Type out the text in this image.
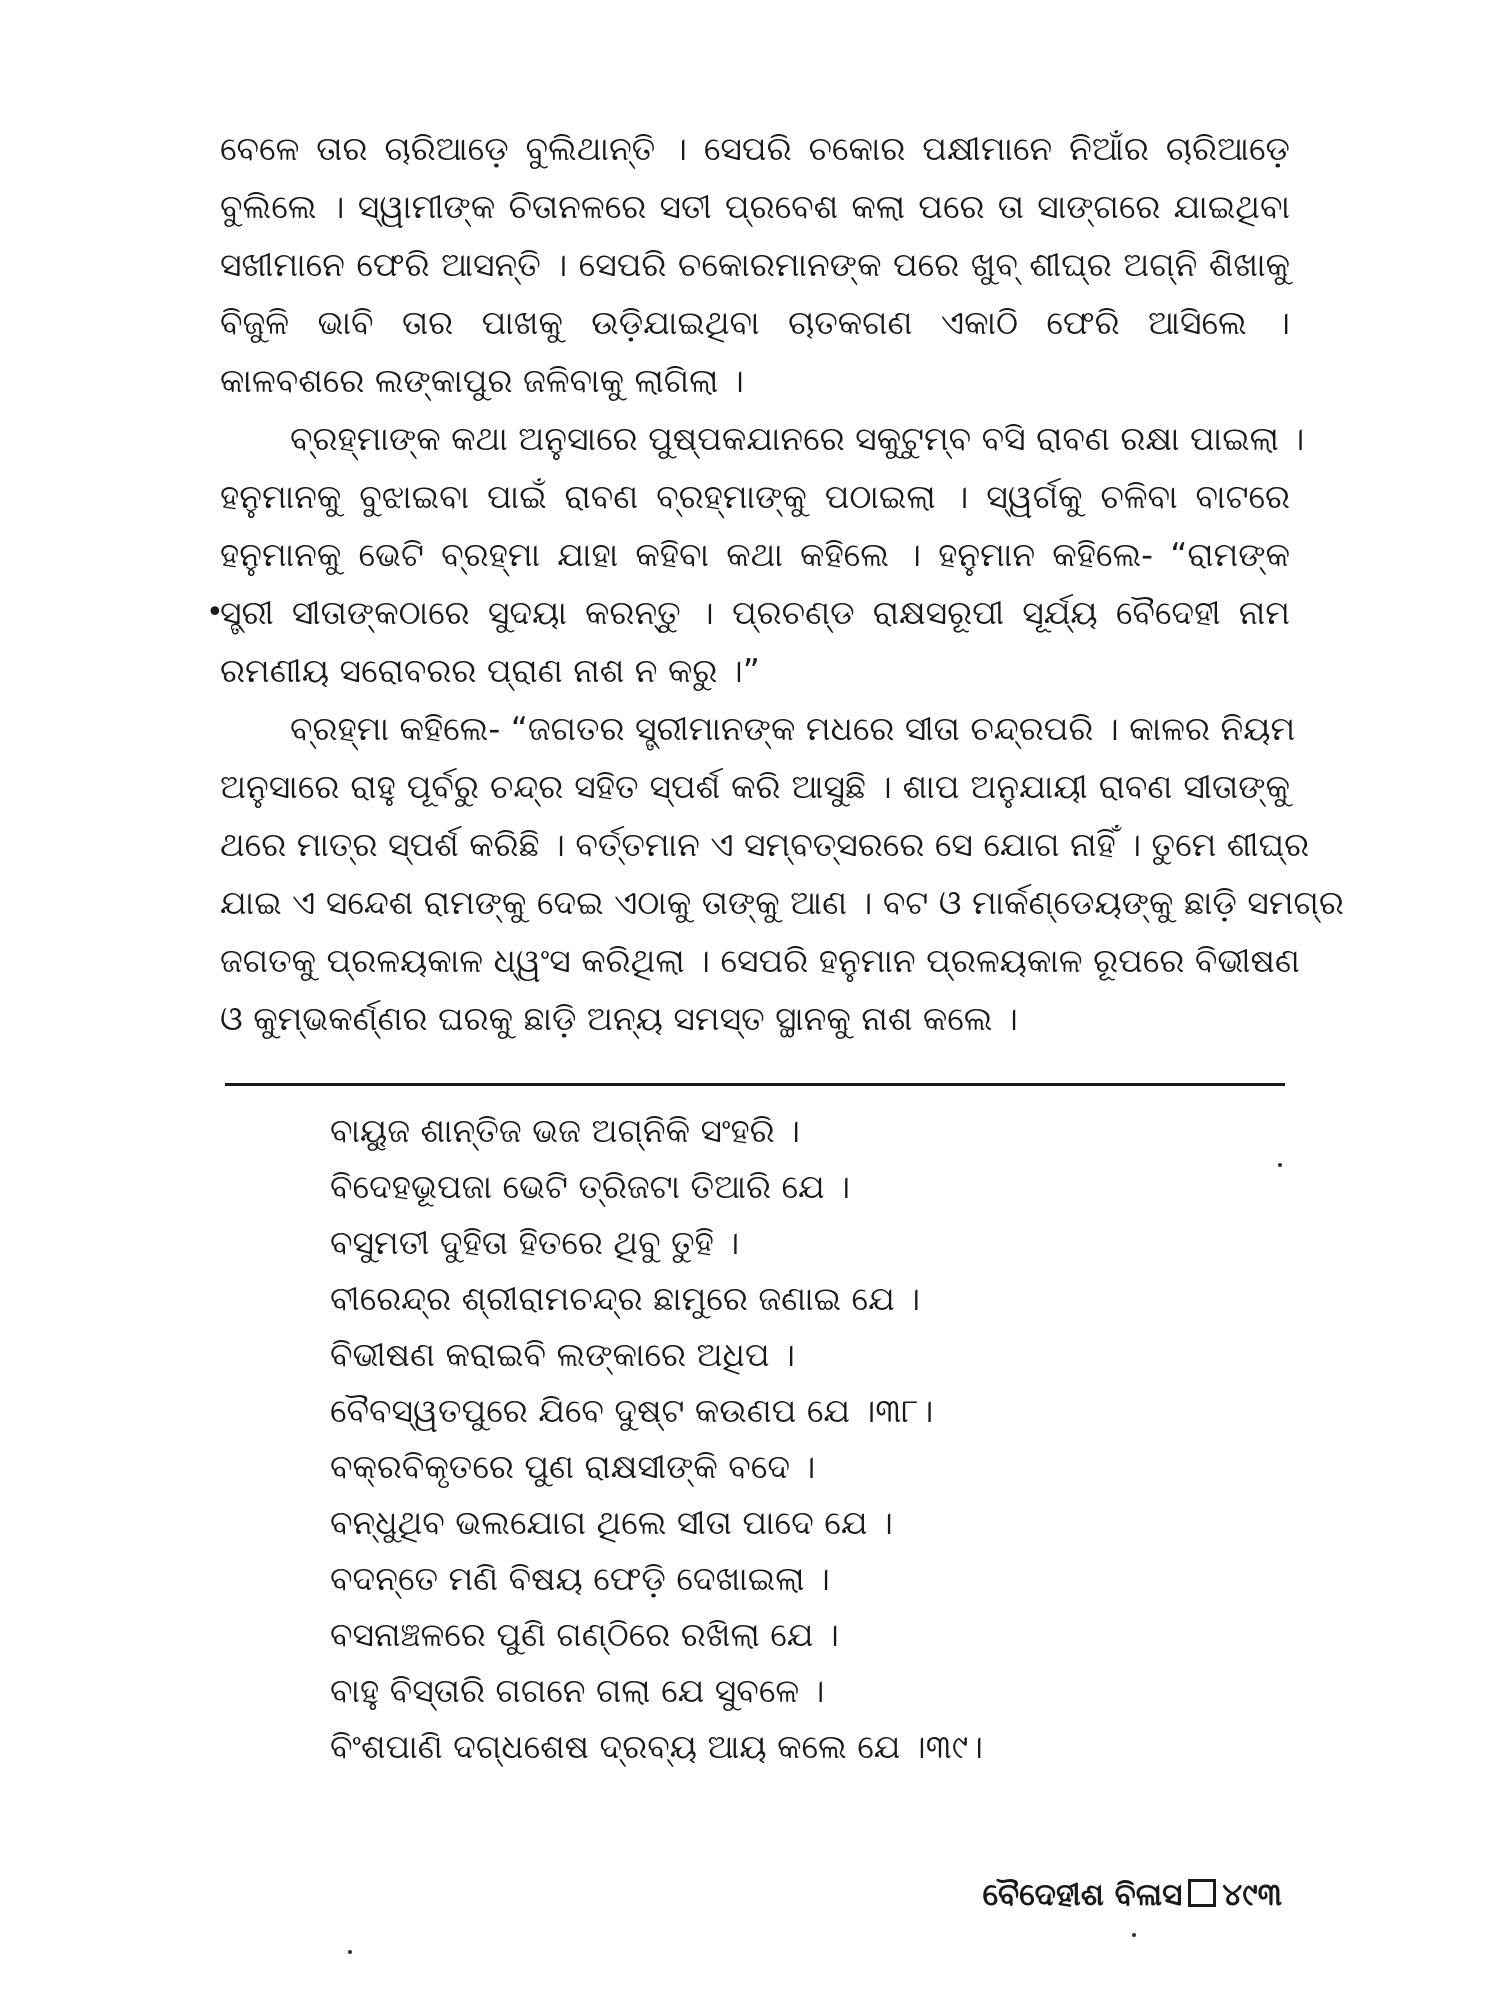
ବେଳେ ତାର ଚାରିଆଡ଼େ ବୁଲିଥାନ୍ତି । ସେପରି ଚକୋର ପକ୍ଷୀମାନେ ନିଆଁର ଚାରିଆଡ଼େ
ବୁଲିଲେ । ସ୍ୱାମୀଙ୍କ ଚିତାନଳରେ ସତୀ ପ୍ରବେଶ କଲା ପରେ ତା ସାଙ୍ଗରେ ଯାଇଥିବା
ସଖୀମାନେ ଫେରି ଆସନ୍ତି । ସେପରି ଚକୋରମାନଙ୍କ ପରେ ଖୁବ୍ ଶୀଘ୍ର ଅଗ୍ନି ଶିଖାକୁ
ବିଜୁଳି ଭାବି ତାର ପାଖକୁ ଉଡ଼ିଯାଇଥିବା ଚାତକଗଣ ଏକାଠି ଫେରି ଆସିଲେ ।
କାଳବଶରେ ଲଙ୍କାପୁର ଜଳିବାକୁ ଲାଗିଲା ।
ବ୍ରହ୍ମାଙ୍କ କଥା ଅନୁସାରେ ପୁଷ୍ପକଯାନରେ ସକୁଟୁମ୍ବ ବସି ରାବଣ ରକ୍ଷା ପାଇଲା ।
ହନୁମାନକୁ ବୁଝାଇବା ପାଇଁ ରାବଣ ବ୍ରହ୍ମାଙ୍କୁ ପଠାଇଲା । ସ୍ୱର୍ଗକୁ ଚଳିବା ବାଟରେ
ହନୁମାନକୁ ଭେଟି ବ୍ରହ୍ମା ଯାହା କହିବା କଥା କହିଲେ । ହନୁମାନ କହିଲେ- “ରାମଙ୍କ
•
ସ୍ତ୍ରୀ ସୀତାଙ୍କଠାରେ ସୁଦୟା କରନ୍ତୁ । ପ୍ରଚଣ୍ଡ ରାକ୍ଷସରୂପୀ ସୂର୍ଯ୍ୟ ବୈଦେହୀ ନାମ
ରମଣୀୟ ସରୋବରର ପ୍ରାଣ ନାଶ ନ କରୁ ।”
ବ୍ରହ୍ମା କହିଲେ- “ଜଗତର ସ୍ତ୍ରୀମାନଙ୍କ ମଧରେ ସୀତା ଚନ୍ଦ୍ରପରି । କାଳର ନିୟମ
ଅନୁସାରେ ରାହୁ ପୂର୍ବରୁ ଚନ୍ଦ୍ର ସହିତ ସ୍ପର୍ଶ କରି ଆସୁଛି । ଶାପ ଅନୁଯାୟୀ ରାବଣ ସୀତାଙ୍କୁ
ଥରେ ମାତ୍ର ସ୍ପର୍ଶ କରିଛି । ବର୍ତ୍ତମାନ ଏ ସମ୍ବତ୍ସରରେ ସେ ଯୋଗ ନାହିଁ । ତୁମେ ଶୀଘ୍ର
ଯାଇ ଏ ସନ୍ଦେଶ ରାମଙ୍କୁ ଦେଇ ଏଠାକୁ ତାଙ୍କୁ ଆଣ । ବଟ ଓ ମାର୍କଣ୍ଡେୟଙ୍କୁ ଛାଡ଼ି ସମଗ୍ର
ଜଗତକୁ ପ୍ରଳୟକାଳ ଧ୍ୱଂସ କରିଥିଲା । ସେପରି ହନୁମାନ ପ୍ରଳୟକାଳ ରୂପରେ ବିଭୀଷଣ
ଓ କୁମ୍ଭକର୍ଣ୍ଣର ଘରକୁ ଛାଡ଼ି ଅନ୍ୟ ସମସ୍ତ ସ୍ଥାନକୁ ନାଶ କଲେ ।
ବାୟୁଜ ଶାନ୍ତିଜ ଭଜ ଅଗ୍ନିକି ସଂହରି ।
ବିଦେହଭୂପଜା ଭେଟି ତ୍ରିଜଟା ତିଆରି ଯେ ।
ବସୁମତୀ ଦୁହିତା ହିତରେ ଥିବୁ ତୁହି ।
ବୀରେନ୍ଦ୍ର ଶ୍ରୀରାମଚନ୍ଦ୍ର ଛାମୁରେ ଜଣାଇ ଯେ ।
ବିଭୀଷଣ କରାଇବି ଲଙ୍କାରେ ଅଧିପ ।
ବୈବସ୍ୱତପୁରେ ଯିବେ ଦୁଷ୍ଟ କଉଣପ ଯେ ।୩୮।
ବକ୍ରବିକୃତରେ ପୁଣ ରାକ୍ଷସୀଙ୍କି ବଦେ ।
ବନ୍ଧୁଥିବ ଭଲଯୋଗ ଥିଲେ ସୀତା ପାଦେ ଯେ ।
ବଦନ୍ତେ ମଣି ବିଷୟ ଫେଡ଼ି ଦେଖାଇଲା ।
ବସନାଞ୍ଚଳରେ ପୁଣି ଗଣ୍ଠିରେ ରଖିଲା ଯେ ।
ବାହୁ ବିସ୍ତାରି ଗଗନେ ଗଲା ଯେ ସୁବଳେ ।
ବିଂଶପାଣି ଦଗ୍ଧଶେଷ ଦ୍ରବ୍ୟ ଆୟ କଲେ ଯେ ।୩୯।
ବୈଦେହୀଶ ବିଳାସ ୪୯୩
